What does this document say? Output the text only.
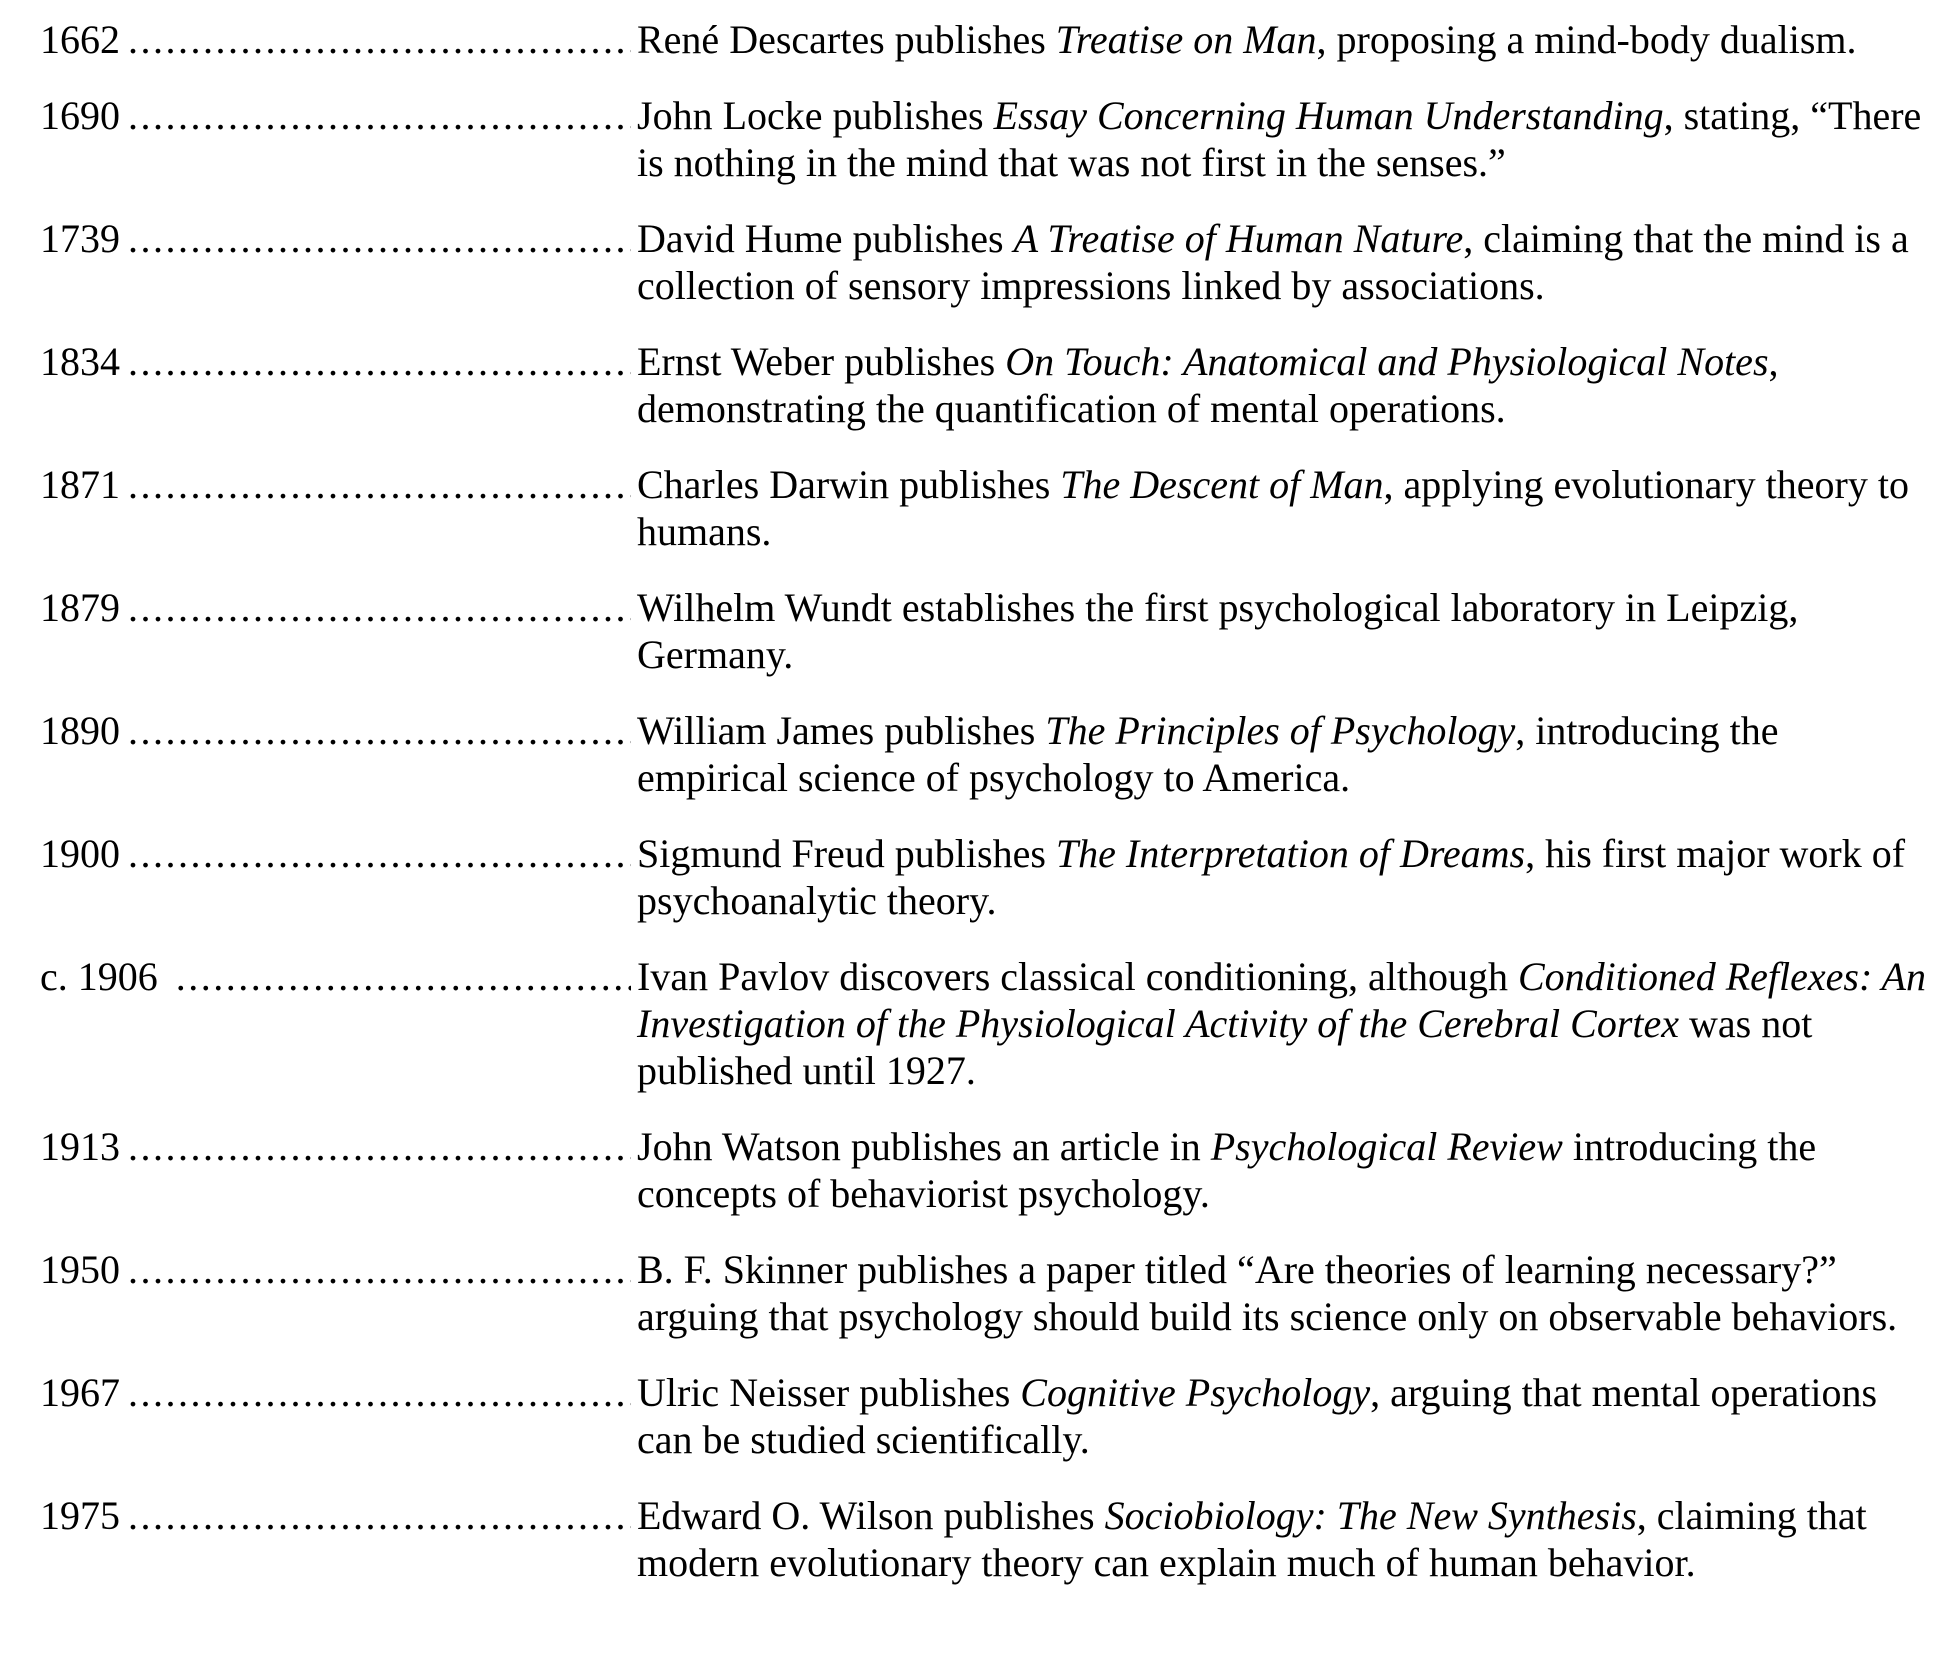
1662 .....	René Descartes publishes Treatise on Man, proposing a mind-body dualism.
1690 .....	John Locke publishes Essay Concerning Human Understanding, stating, “There
is nothing in the mind that was not first in the senses.”
1739 .....	David Hume publishes A Treatise of Human Nature, claiming that the mind is a
collection of sensory impressions linked by associations.
1834 .....	Ernst Weber publishes On Touch: Anatomical and Physiological Notes,
demonstrating the quantification of mental operations.
1871 .....	Charles Darwin publishes The Descent of Man, applying evolutionary theory to
humans.
1879 .....	Wilhelm Wundt establishes the first psychological laboratory in Leipzig,
Germany.
1890 .....	William James publishes The Principles of Psychology, introducing the
empirical science of psychology to America.
1900 .....	Sigmund Freud publishes The Interpretation of Dreams, his first major work of
psychoanalytic theory.
c. 1906 .....	Ivan Pavlov discovers classical conditioning, although Conditioned Reflexes: An
Investigation of the Physiological Activity of the Cerebral Cortex was not
published until 1927.
1913 .....	John Watson publishes an article in Psychological Review introducing the
concepts of behaviorist psychology.
1950 .....	B. F. Skinner publishes a paper titled “Are theories of learning necessary?”
arguing that psychology should build its science only on observable behaviors.
1967 .....	Ulric Neisser publishes Cognitive Psychology, arguing that mental operations
can be studied scientifically.
1975 .....	Edward O. Wilson publishes Sociobiology: The New Synthesis, claiming that
modern evolutionary theory can explain much of human behavior.
